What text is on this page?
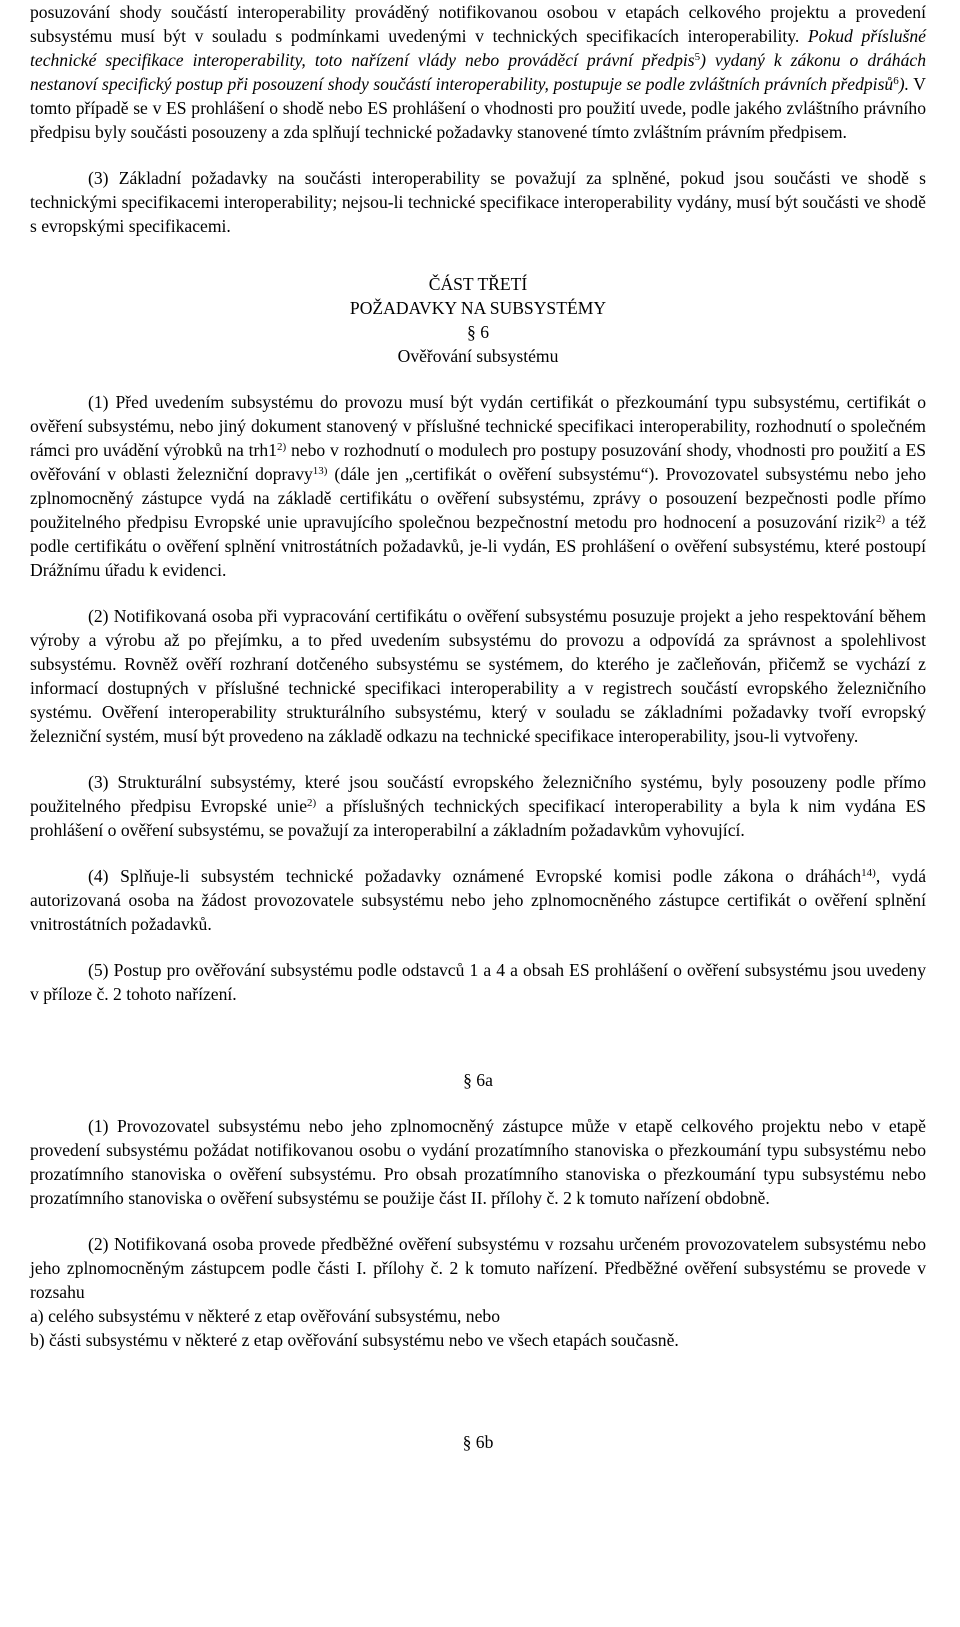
posuzování shody součástí interoperability prováděný notifikovanou osobou v etapách celkového projektu a provedení subsystému musí být v souladu s podmínkami uvedenými v technických specifikacích interoperability. Pokud příslušné technické specifikace interoperability, toto nařízení vlády nebo prováděcí právní předpis$^5$) vydaný k zákonu o dráhách nestanoví specifický postup při posouzení shody součástí interoperability, postupuje se podle zvláštních právních předpisů$^6$). V tomto případě se v ES prohlášení o shodě nebo ES prohlášení o vhodnosti pro použití uvede, podle jakého zvláštního právního předpisu byly součásti posouzeny a zda splňují technické požadavky stanovené tímto zvláštním právním předpisem.

(3) Základní požadavky na součásti interoperability se považují za splněné, pokud jsou součásti ve shodě s technickými specifikacemi interoperability; nejsou-li technické specifikace interoperability vydány, musí být součásti ve shodě s evropskými specifikacemi.

ČÁST TŘETÍ
POŽADAVKY NA SUBSYSTÉMY
§ 6
Ověřování subsystému

(1) Před uvedením subsystému do provozu musí být vydán certifikát o přezkoumání typu subsystému, certifikát o ověření subsystému, nebo jiný dokument stanovený v příslušné technické specifikaci interoperability, rozhodnutí o společném rámci pro uvádění výrobků na trh1$^{2)}$ nebo v rozhodnutí o modulech pro postupy posuzování shody, vhodnosti pro použití a ES ověřování v oblasti železniční dopravy$^{13)}$ (dále jen „certifikát o ověření subsystému“). Provozovatel subsystému nebo jeho zplnomocněný zástupce vydá na základě certifikátu o ověření subsystému, zprávy o posouzení bezpečnosti podle přímo použitelného předpisu Evropské unie upravujícího společnou bezpečnostní metodu pro hodnocení a posuzování rizik$^{2)}$ a též podle certifikátu o ověření splnění vnitrostátních požadavků, je-li vydán, ES prohlášení o ověření subsystému, které postoupí Drážnímu úřadu k evidenci.

(2) Notifikovaná osoba při vypracování certifikátu o ověření subsystému posuzuje projekt a jeho respektování během výroby a výrobu až po přejímku, a to před uvedením subsystému do provozu a odpovídá za správnost a spolehlivost subsystému. Rovněž ověří rozhraní dotčeného subsystému se systémem, do kterého je začleňován, přičemž se vychází z informací dostupných v příslušné technické specifikaci interoperability a v registrech součástí evropského železničního systému. Ověření interoperability strukturálního subsystému, který v souladu se základními požadavky tvoří evropský železniční systém, musí být provedeno na základě odkazu na technické specifikace interoperability, jsou-li vytvořeny.

(3) Strukturální subsystémy, které jsou součástí evropského železničního systému, byly posouzeny podle přímo použitelného předpisu Evropské unie$^{2)}$ a příslušných technických specifikací interoperability a byla k nim vydána ES prohlášení o ověření subsystému, se považují za interoperabilní a základním požadavkům vyhovující.

(4) Splňuje-li subsystém technické požadavky oznámené Evropské komisi podle zákona o dráhách$^{14)}$, vydá autorizovaná osoba na žádost provozovatele subsystému nebo jeho zplnomocněného zástupce certifikát o ověření splnění vnitrostátních požadavků.

(5) Postup pro ověřování subsystému podle odstavců 1 a 4 a obsah ES prohlášení o ověření subsystému jsou uvedeny v příloze č. 2 tohoto nařízení.

§ 6a

(1) Provozovatel subsystému nebo jeho zplnomocněný zástupce může v etapě celkového projektu nebo v etapě provedení subsystému požádat notifikovanou osobu o vydání prozatímního stanoviska o přezkoumání typu subsystému nebo prozatímního stanoviska o ověření subsystému. Pro obsah prozatímního stanoviska o přezkoumání typu subsystému nebo prozatímního stanoviska o ověření subsystému se použije část II. přílohy č. 2 k tomuto nařízení obdobně.

(2) Notifikovaná osoba provede předběžné ověření subsystému v rozsahu určeném provozovatelem subsystému nebo jeho zplnomocněným zástupcem podle části I. přílohy č. 2 k tomuto nařízení. Předběžné ověření subsystému se provede v rozsahu

a) celého subsystému v některé z etap ověřování subsystému, nebo
b) části subsystému v některé z etap ověřování subsystému nebo ve všech etapách současně.
§ 6b
